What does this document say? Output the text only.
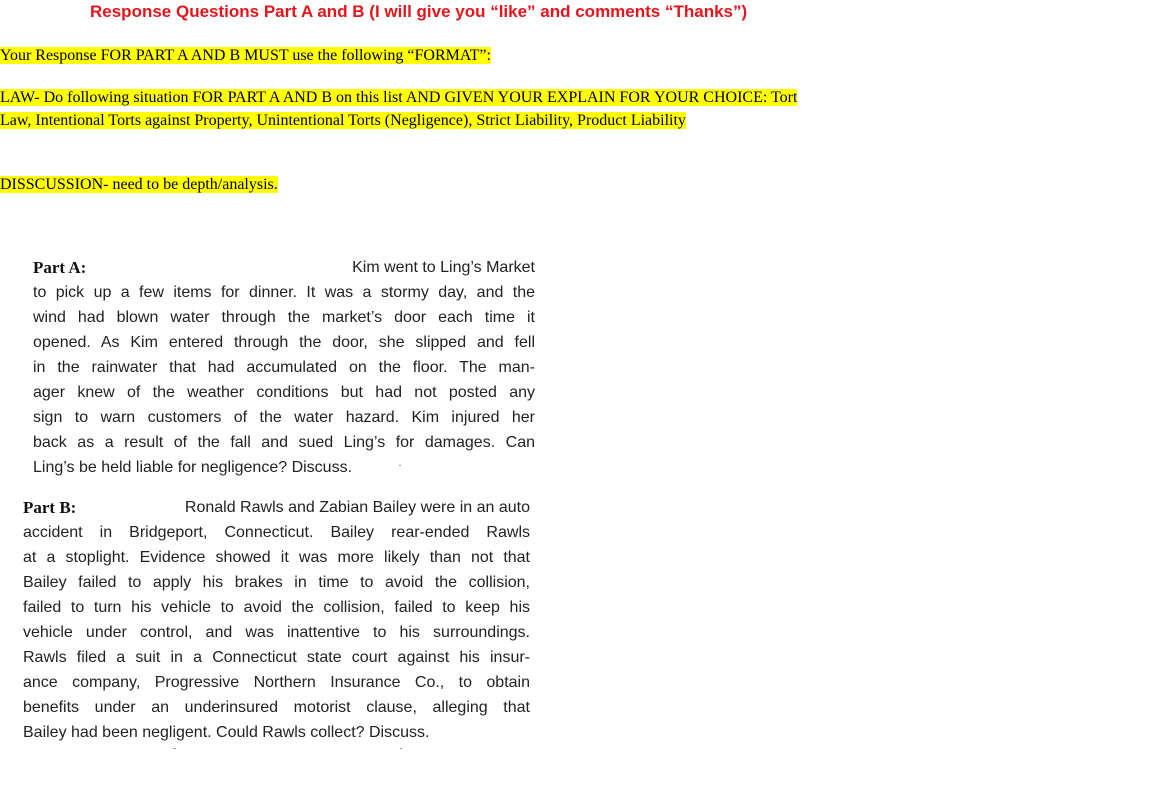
Response Questions Part A and B (I will give you “like” and comments “Thanks”)
Your Response FOR PART A AND B MUST use the following “FORMAT”:
LAW- Do following situation FOR PART A AND B on this list AND GIVEN YOUR EXPLAIN FOR YOUR CHOICE: Tort Law, Intentional Torts against Property, Unintentional Torts (Negligence), Strict Liability, Product Liability
DISSCUSSION- need to be depth/analysis.
Part A:	Kim went to Ling’s Market
to pick up a few items for dinner. It was a stormy day, and the
wind had blown water through the market’s door each time it
opened. As Kim entered through the door, she slipped and fell
in the rainwater that had accumulated on the floor. The man-
ager knew of the weather conditions but had not posted any
sign to warn customers of the water hazard. Kim injured her
back as a result of the fall and sued Ling’s for damages. Can
Ling’s be held liable for negligence? Discuss.
Part B:	Ronald Rawls and Zabian Bailey were in an auto
accident in Bridgeport, Connecticut. Bailey rear-ended Rawls
at a stoplight. Evidence showed it was more likely than not that
Bailey failed to apply his brakes in time to avoid the collision,
failed to turn his vehicle to avoid the collision, failed to keep his
vehicle under control, and was inattentive to his surroundings.
Rawls filed a suit in a Connecticut state court against his insur-
ance company, Progressive Northern Insurance Co., to obtain
benefits under an underinsured motorist clause, alleging that
Bailey had been negligent. Could Rawls collect? Discuss.
